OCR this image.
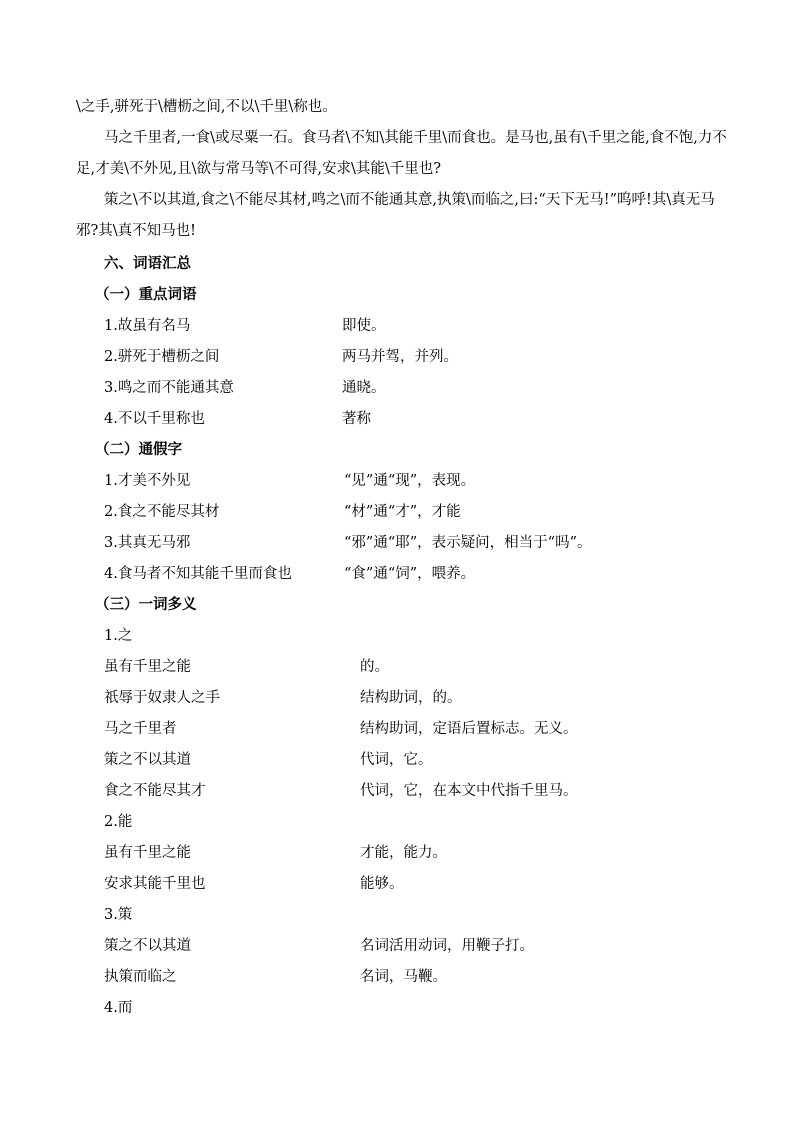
\之手,骈死于\槽枥之间,不以\千里\称也。

马之千里者,一食\或尽粟一石。食马者\不知\其能千里\而食也。是马也,虽有\千里之能,食不饱,力不足,才美\不外见,且\欲与常马等\不可得,安求\其能\千里也?

策之\不以其道,食之\不能尽其材,鸣之\而不能通其意,执策\而临之,曰:“天下无马!”呜呼!其\真无马邪?其\真不知马也!

六、词语汇总
（一）重点词语
1.故虽有名马	即使。
2.骈死于槽枥之间	两马并驾，并列。
3.鸣之而不能通其意	通晓。
4.不以千里称也	著称
（二）通假字
1.才美不外见	“见”通“现”，表现。
2.食之不能尽其材	“材”通“才”，才能
3.其真无马邪	“邪”通“耶”，表示疑问，相当于“吗”。
4.食马者不知其能千里而食也	“食”通“饲”，喂养。
（三）一词多义
1.之
虽有千里之能	的。
祇辱于奴隶人之手	结构助词，的。
马之千里者	结构助词，定语后置标志。无义。
策之不以其道	代词，它。
食之不能尽其才	代词，它，在本文中代指千里马。
2.能
虽有千里之能	才能，能力。
安求其能千里也	能够。
3.策
策之不以其道	名词活用动词，用鞭子打。
执策而临之	名词，马鞭。
4.而
